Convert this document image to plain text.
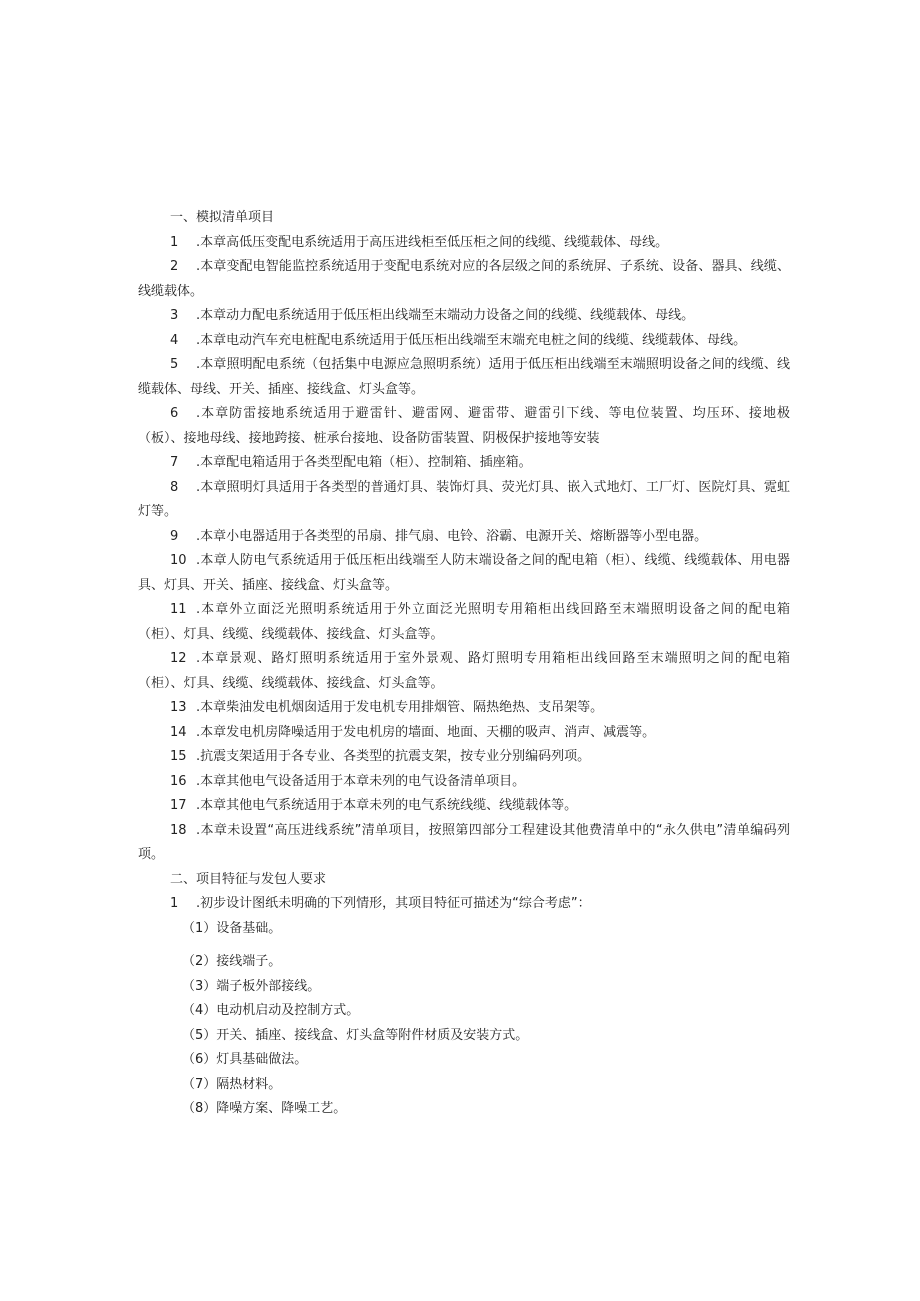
一、模拟清单项目

1 .本章高低压变配电系统适用于高压进线柜至低压柜之间的线缆、线缆载体、母线。

2 .本章变配电智能监控系统适用于变配电系统对应的各层级之间的系统屏、子系统、设备、器具、线缆、线缆载体。

3 .本章动力配电系统适用于低压柜出线端至末端动力设备之间的线缆、线缆载体、母线。

4 .本章电动汽车充电桩配电系统适用于低压柜出线端至末端充电桩之间的线缆、线缆载体、母线。

5 .本章照明配电系统（包括集中电源应急照明系统）适用于低压柜出线端至末端照明设备之间的线缆、线缆载体、母线、开关、插座、接线盒、灯头盒等。

6 .本章防雷接地系统适用于避雷针、避雷网、避雷带、避雷引下线、等电位装置、均压环、接地极（板）、接地母线、接地跨接、桩承台接地、设备防雷装置、阴极保护接地等安装

7 .本章配电箱适用于各类型配电箱（柜）、控制箱、插座箱。

8 .本章照明灯具适用于各类型的普通灯具、装饰灯具、荧光灯具、嵌入式地灯、工厂灯、医院灯具、霓虹灯等。

9 .本章小电器适用于各类型的吊扇、排气扇、电铃、浴霸、电源开关、熔断器等小型电器。

10 .本章人防电气系统适用于低压柜出线端至人防末端设备之间的配电箱（柜）、线缆、线缆载体、用电器具、灯具、开关、插座、接线盒、灯头盒等。

11 .本章外立面泛光照明系统适用于外立面泛光照明专用箱柜出线回路至末端照明设备之间的配电箱（柜）、灯具、线缆、线缆载体、接线盒、灯头盒等。

12 .本章景观、路灯照明系统适用于室外景观、路灯照明专用箱柜出线回路至末端照明之间的配电箱（柜）、灯具、线缆、线缆载体、接线盒、灯头盒等。

13 .本章柴油发电机烟囱适用于发电机专用排烟管、隔热绝热、支吊架等。

14 .本章发电机房降噪适用于发电机房的墙面、地面、天棚的吸声、消声、减震等。

15 .抗震支架适用于各专业、各类型的抗震支架，按专业分别编码列项。

16 .本章其他电气设备适用于本章未列的电气设备清单项目。

17 .本章其他电气系统适用于本章未列的电气系统线缆、线缆载体等。

18 .本章未设置“高压进线系统”清单项目，按照第四部分工程建设其他费清单中的“永久供电”清单编码列项。

二、项目特征与发包人要求

1 .初步设计图纸未明确的下列情形，其项目特征可描述为“综合考虑”：

（1）设备基础。

（2）接线端子。

（3）端子板外部接线。

（4）电动机启动及控制方式。

（5）开关、插座、接线盒、灯头盒等附件材质及安装方式。

（6）灯具基础做法。

（7）隔热材料。

（8）降噪方案、降噪工艺。
